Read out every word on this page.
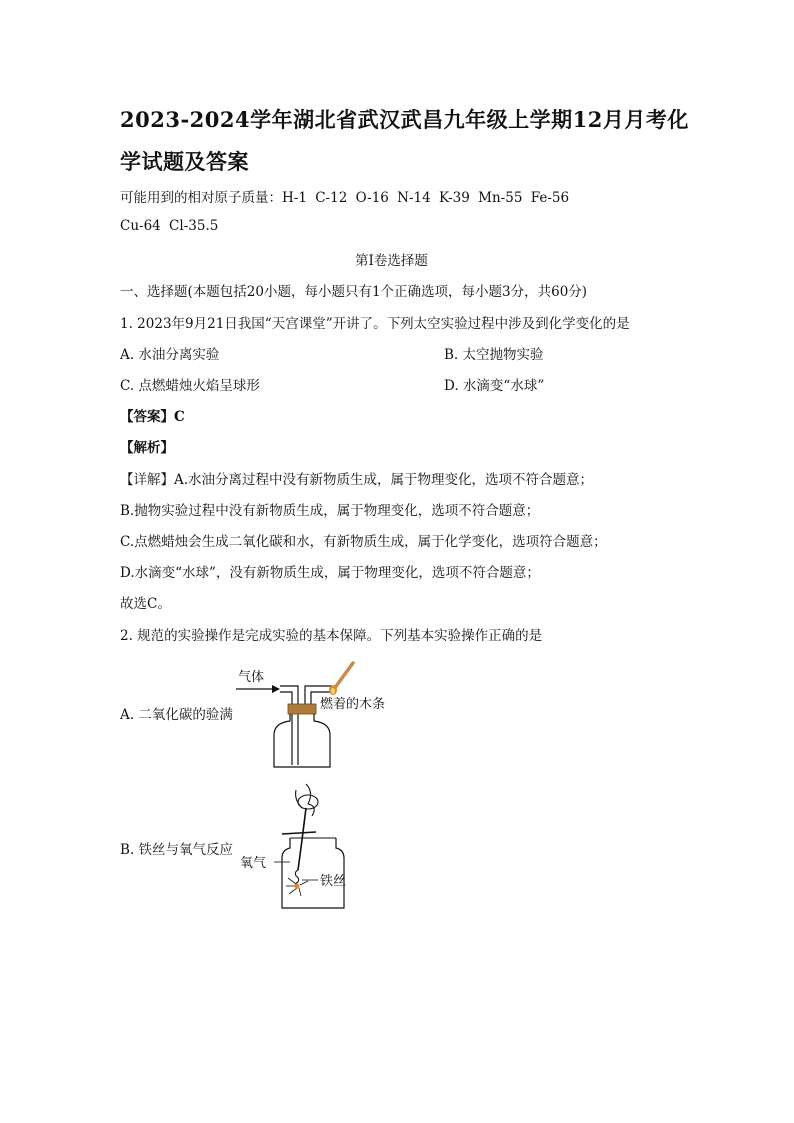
2023-2024学年湖北省武汉武昌九年级上学期12月月考化
学试题及答案
可能用到的相对原子质量：H-1 C-12 O-16 N-14 K-39 Mn-55 Fe-56
Cu-64 Cl-35.5
第I卷选择题
一、选择题(本题包括20小题，每小题只有1个正确选项，每小题3分，共60分)
1. 2023年9月21日我国“天宫课堂”开讲了。下列太空实验过程中涉及到化学变化的是
A. 水油分离实验	B. 太空抛物实验
C. 点燃蜡烛火焰呈球形	D. 水滴变“水球”
【答案】C
【解析】
【详解】A.水油分离过程中没有新物质生成，属于物理变化，选项不符合题意；
B.抛物实验过程中没有新物质生成，属于物理变化，选项不符合题意；
C.点燃蜡烛会生成二氧化碳和水，有新物质生成，属于化学变化，选项符合题意；
D.水滴变“水球”，没有新物质生成，属于物理变化，选项不符合题意；
故选C。
2. 规范的实验操作是完成实验的基本保障。下列基本实验操作正确的是
A. 二氧化碳的验满
气体
燃着的木条
B. 铁丝与氧气反应
氧气
铁丝
